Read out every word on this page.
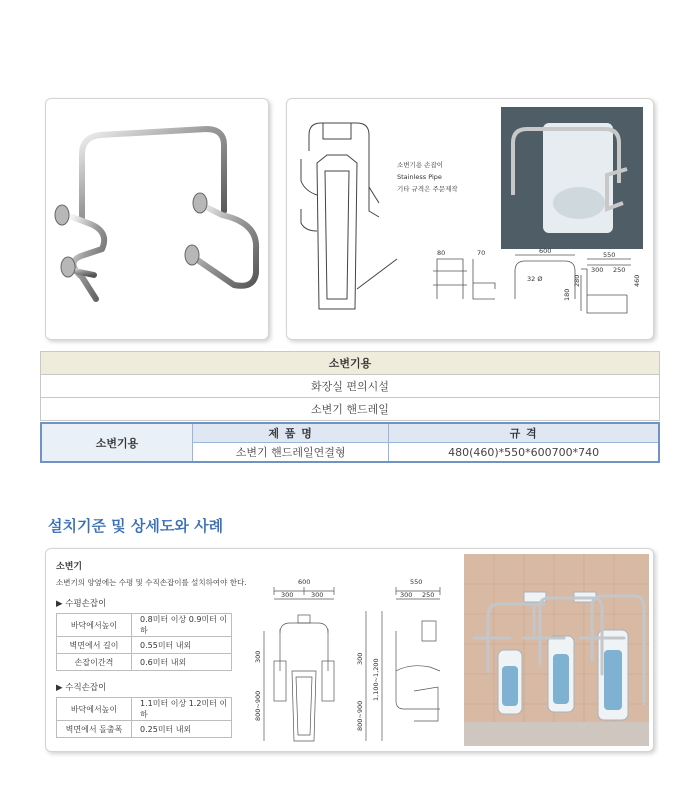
소변기용 손잡이
Stainless Pipe
기타 규격은 주문제작
80	70	600	550
300 250
32 Ø
180
280	460
소변기용
화장실 편의시설
소변기 핸드레일
소변기용	제 품 명	규 격
	소변기 핸드레일연결형	480(460)*550*600700*740
설치기준 및 상세도와 사례
소변기
소변기의 양옆에는 수평 및 수직손잡이를 설치하여야 한다.
▶ 수평손잡이
바닥에서높이	0.8미터 이상 0.9미터 이하
벽면에서 길이	0.55미터 내외
손잡이간격	0.6미터 내외
▶ 수직손잡이
바닥에서높이	1.1미터 이상 1.2미터 이하
벽면에서 돌출폭	0.25미터 내외
600
300	300
300
800~900
550
300 250
300 1,100~1,200
800~900
